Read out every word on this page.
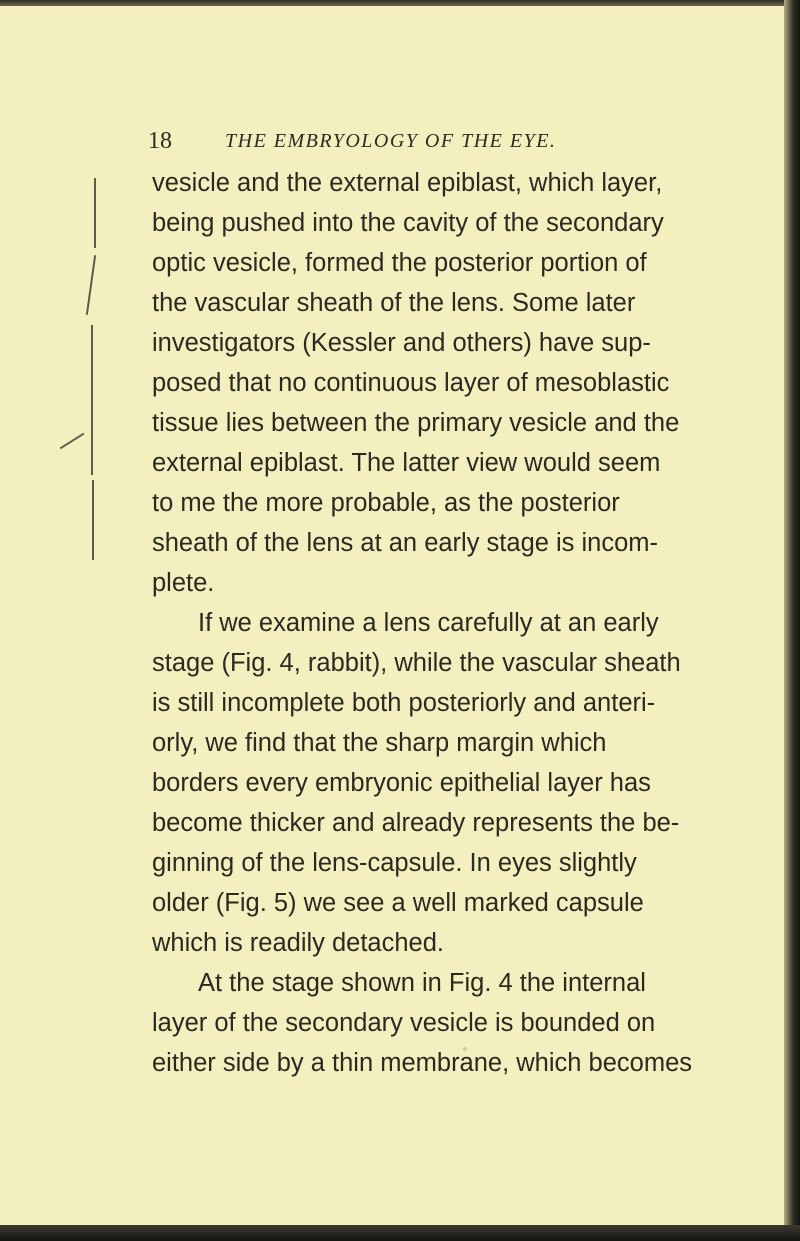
18	THE EMBRYOLOGY OF THE EYE.
vesicle and the external epiblast, which layer,
being pushed into the cavity of the secondary
optic vesicle, formed the posterior portion of
the vascular sheath of the lens. Some later
investigators (Kessler and others) have sup-
posed that no continuous layer of mesoblastic
tissue lies between the primary vesicle and the
external epiblast. The latter view would seem
to me the more probable, as the posterior
sheath of the lens at an early stage is incom-
plete.
If we examine a lens carefully at an early
stage (Fig. 4, rabbit), while the vascular sheath
is still incomplete both posteriorly and anteri-
orly, we find that the sharp margin which
borders every embryonic epithelial layer has
become thicker and already represents the be-
ginning of the lens-capsule. In eyes slightly
older (Fig. 5) we see a well marked capsule
which is readily detached.
At the stage shown in Fig. 4 the internal
layer of the secondary vesicle is bounded on
either side by a thin membrane, which becomes
